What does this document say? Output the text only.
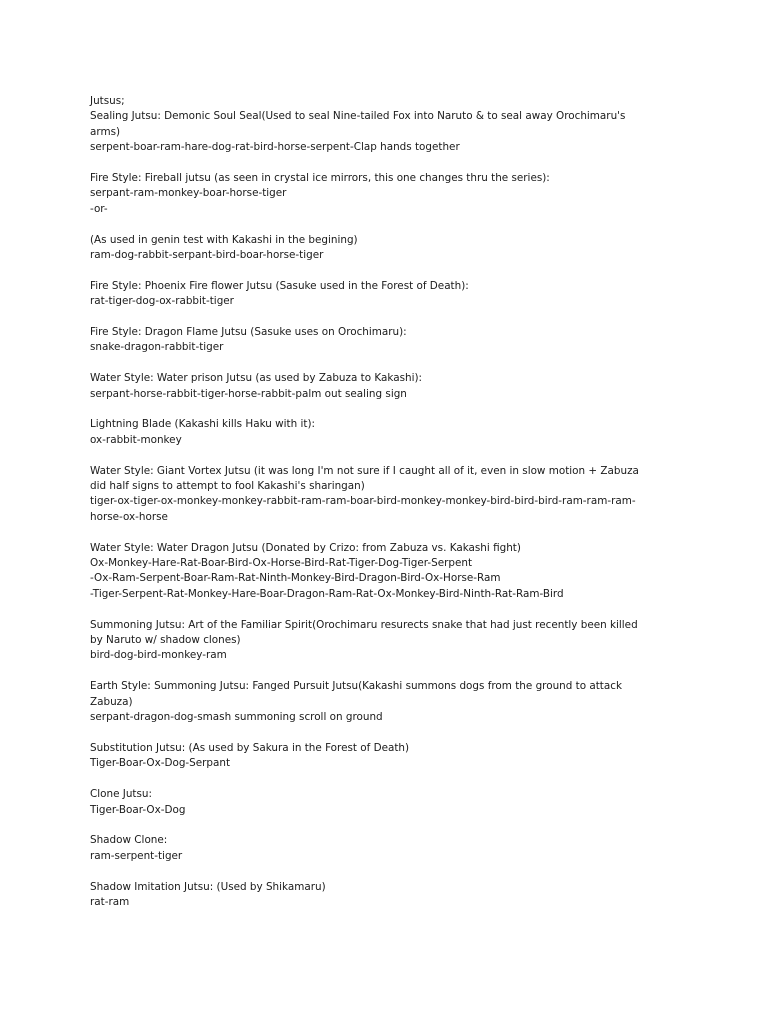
Jutsus;
Sealing Jutsu: Demonic Soul Seal(Used to seal Nine-tailed Fox into Naruto & to seal away Orochimaru's
arms)
serpent-boar-ram-hare-dog-rat-bird-horse-serpent-Clap hands together
Fire Style: Fireball jutsu (as seen in crystal ice mirrors, this one changes thru the series):
serpant-ram-monkey-boar-horse-tiger
-or-
(As used in genin test with Kakashi in the begining)
ram-dog-rabbit-serpant-bird-boar-horse-tiger
Fire Style: Phoenix Fire flower Jutsu (Sasuke used in the Forest of Death):
rat-tiger-dog-ox-rabbit-tiger
Fire Style: Dragon Flame Jutsu (Sasuke uses on Orochimaru):
snake-dragon-rabbit-tiger
Water Style: Water prison Jutsu (as used by Zabuza to Kakashi):
serpant-horse-rabbit-tiger-horse-rabbit-palm out sealing sign
Lightning Blade (Kakashi kills Haku with it):
ox-rabbit-monkey
Water Style: Giant Vortex Jutsu (it was long I'm not sure if I caught all of it, even in slow motion + Zabuza
did half signs to attempt to fool Kakashi's sharingan)
tiger-ox-tiger-ox-monkey-monkey-rabbit-ram-ram-boar-bird-monkey-monkey-bird-bird-bird-ram-ram-ram-
horse-ox-horse
Water Style: Water Dragon Jutsu (Donated by Crizo: from Zabuza vs. Kakashi fight)
Ox-Monkey-Hare-Rat-Boar-Bird-Ox-Horse-Bird-Rat-Tiger-Dog-Tiger-Serpent
-Ox-Ram-Serpent-Boar-Ram-Rat-Ninth-Monkey-Bird-Dragon-Bird-Ox-Horse-Ram
-Tiger-Serpent-Rat-Monkey-Hare-Boar-Dragon-Ram-Rat-Ox-Monkey-Bird-Ninth-Rat-Ram-Bird
Summoning Jutsu: Art of the Familiar Spirit(Orochimaru resurects snake that had just recently been killed
by Naruto w/ shadow clones)
bird-dog-bird-monkey-ram
Earth Style: Summoning Jutsu: Fanged Pursuit Jutsu(Kakashi summons dogs from the ground to attack
Zabuza)
serpant-dragon-dog-smash summoning scroll on ground
Substitution Jutsu: (As used by Sakura in the Forest of Death)
Tiger-Boar-Ox-Dog-Serpant
Clone Jutsu:
Tiger-Boar-Ox-Dog
Shadow Clone:
ram-serpent-tiger
Shadow Imitation Jutsu: (Used by Shikamaru)
rat-ram
